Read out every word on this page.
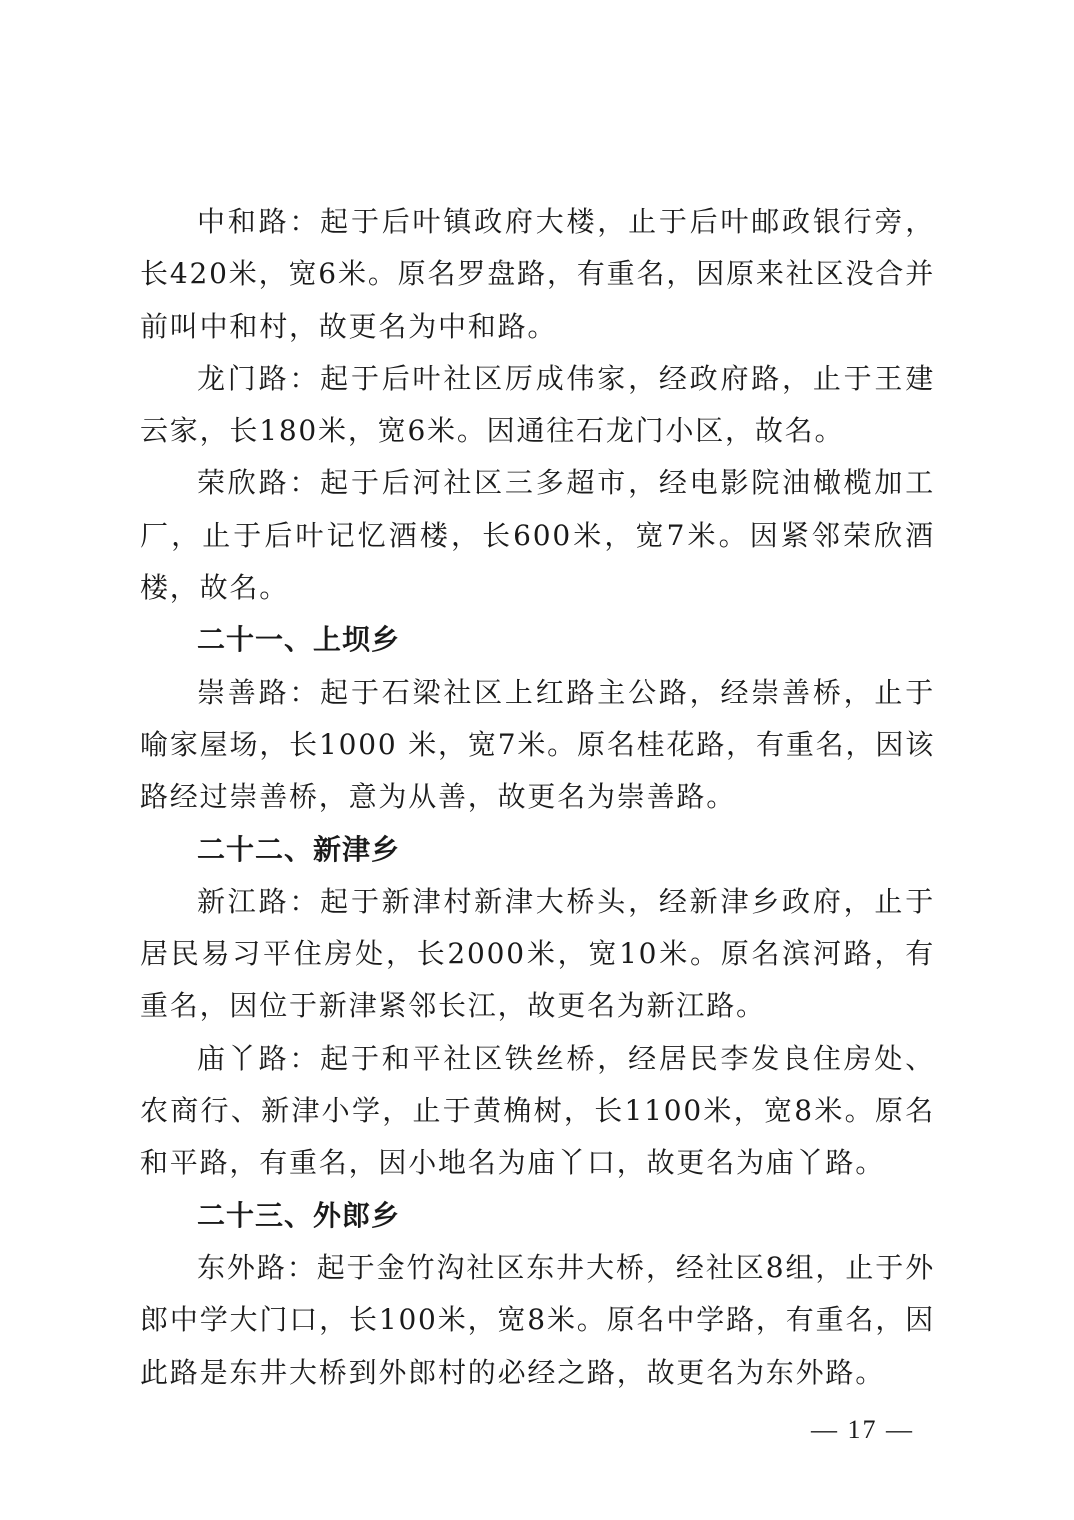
中和路：起于后叶镇政府大楼，止于后叶邮政银行旁，长420米，宽6米。原名罗盘路，有重名，因原来社区没合并前叫中和村，故更名为中和路。

龙门路：起于后叶社区厉成伟家，经政府路，止于王建云家，长180米，宽6米。因通往石龙门小区，故名。

荣欣路：起于后河社区三多超市，经电影院油橄榄加工厂，止于后叶记忆酒楼，长600米，宽7米。因紧邻荣欣酒楼，故名。

二十一、上坝乡

崇善路：起于石梁社区上红路主公路，经崇善桥，止于喻家屋场，长1000 米，宽7米。原名桂花路，有重名，因该路经过崇善桥，意为从善，故更名为崇善路。

二十二、新津乡

新江路：起于新津村新津大桥头，经新津乡政府，止于居民易习平住房处，长2000米，宽10米。原名滨河路，有重名，因位于新津紧邻长江，故更名为新江路。

庙丫路：起于和平社区铁丝桥，经居民李发良住房处、农商行、新津小学，止于黄桷树，长1100米，宽8米。原名和平路，有重名，因小地名为庙丫口，故更名为庙丫路。

二十三、外郎乡

东外路：起于金竹沟社区东井大桥，经社区8组，止于外郎中学大门口，长100米，宽8米。原名中学路，有重名，因此路是东井大桥到外郎村的必经之路，故更名为东外路。

— 17 —
